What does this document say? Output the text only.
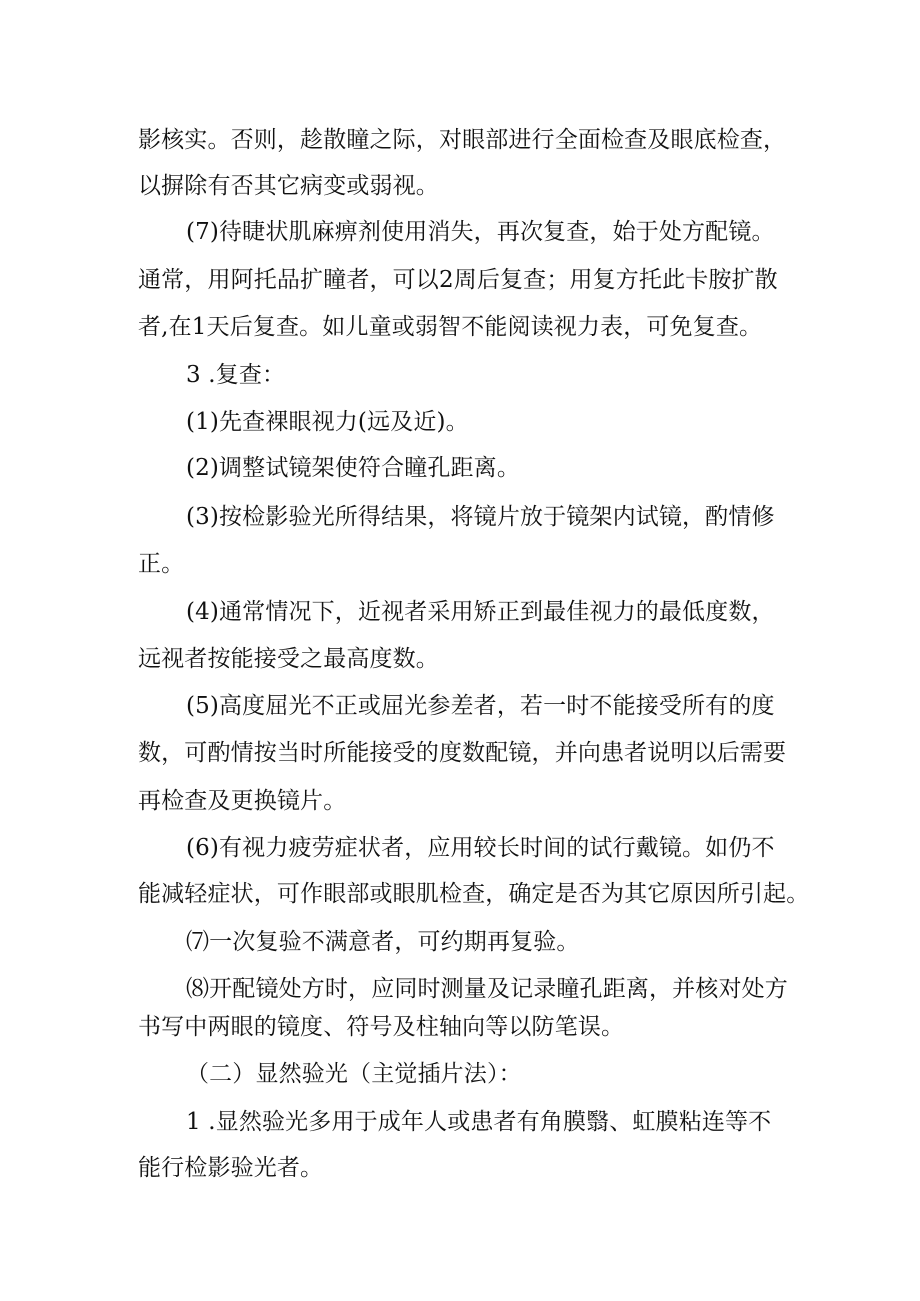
影核实。否则，趁散瞳之际，对眼部进行全面检查及眼底检查，
以摒除有否其它病变或弱视。
(7)待睫状肌麻痹剂使用消失，再次复查，始于处方配镜。
通常，用阿托品扩瞳者，可以2周后复查；用复方托此卡胺扩散
者,在1天后复查。如儿童或弱智不能阅读视力表，可免复查。
3 .复查：
(1)先查裸眼视力(远及近)。
(2)调整试镜架使符合瞳孔距离。
(3)按检影验光所得结果，将镜片放于镜架内试镜，酌情修
正。
(4)通常情况下，近视者采用矫正到最佳视力的最低度数，
远视者按能接受之最高度数。
(5)高度屈光不正或屈光参差者，若一时不能接受所有的度
数，可酌情按当时所能接受的度数配镜，并向患者说明以后需要
再检查及更换镜片。
(6)有视力疲劳症状者，应用较长时间的试行戴镜。如仍不
能减轻症状，可作眼部或眼肌检查，确定是否为其它原因所引起。
⑺一次复验不满意者，可约期再复验。
⑻开配镜处方时，应同时测量及记录瞳孔距离，并核对处方
书写中两眼的镜度、符号及柱轴向等以防笔误。
（二）显然验光（主觉插片法）：
1 .显然验光多用于成年人或患者有角膜翳、虹膜粘连等不
能行检影验光者。
